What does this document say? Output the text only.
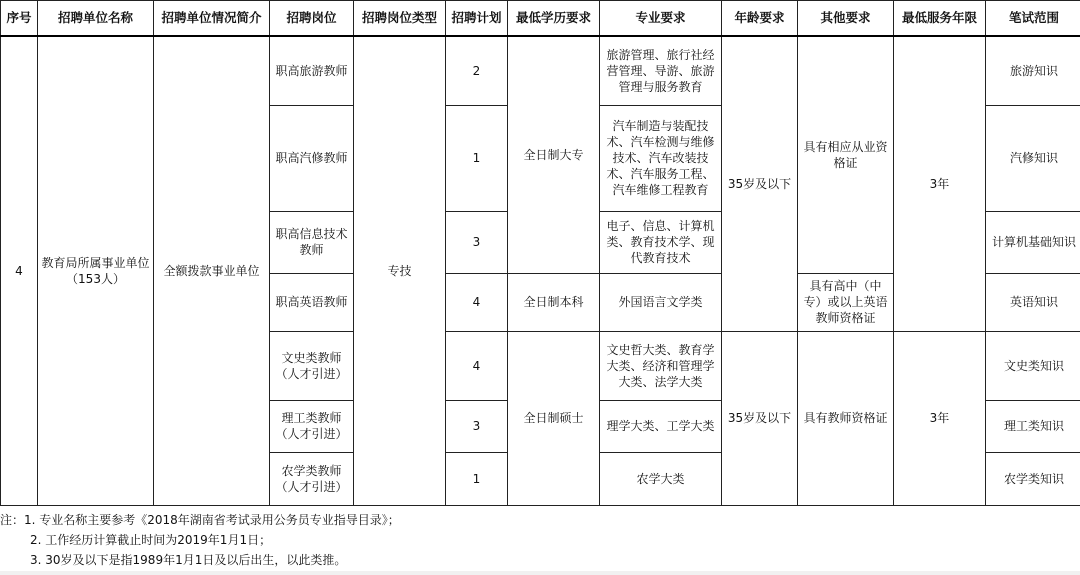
序号	招聘单位名称	招聘单位情况简介	招聘岗位	招聘岗位类型	招聘计划	最低学历要求	专业要求	年龄要求	其他要求	最低服务年限	笔试范围
4	教育局所属事业单位（153人）	全额拨款事业单位	职高旅游教师	专技	2	全日制大专	旅游管理、旅行社经营管理、导游、旅游管理与服务教育	35岁及以下	具有相应从业资格证	3年	旅游知识
			职高汽修教师		1		汽车制造与装配技术、汽车检测与维修技术、汽车改装技术、汽车服务工程、汽车维修工程教育				汽修知识
			职高信息技术教师		3		电子、信息、计算机类、教育技术学、现代教育技术				计算机基础知识
			职高英语教师		4	全日制本科	外国语言文学类		具有高中（中专）或以上英语教师资格证		英语知识
			文史类教师（人才引进）		4	全日制硕士	文史哲大类、教育学大类、经济和管理学大类、法学大类	35岁及以下	具有教师资格证	3年	文史类知识
			理工类教师（人才引进）		3		理学大类、工学大类				理工类知识
			农学类教师（人才引进）		1		农学大类				农学类知识
注：1. 专业名称主要参考《2018年湖南省考试录用公务员专业指导目录》；
2. 工作经历计算截止时间为2019年1月1日；
3. 30岁及以下是指1989年1月1日及以后出生，以此类推。
